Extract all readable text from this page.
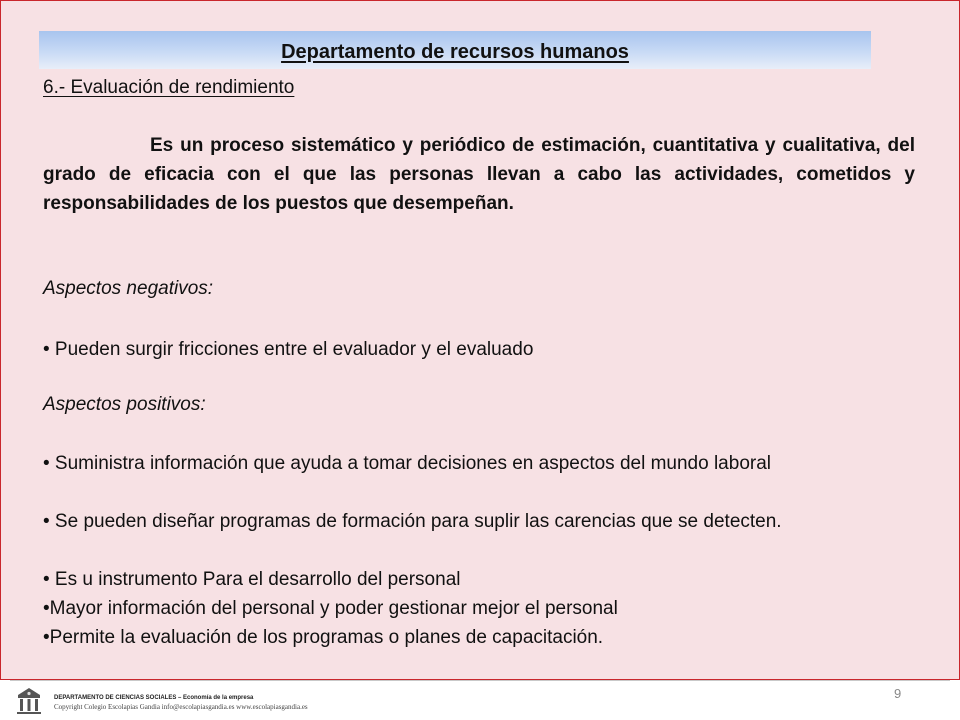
Departamento de recursos humanos
6.- Evaluación de rendimiento
Es un proceso sistemático y periódico de estimación, cuantitativa y cualitativa, del grado de eficacia con el que las personas llevan a cabo las actividades, cometidos y responsabilidades de los puestos que desempeñan.
Aspectos negativos:
• Pueden surgir fricciones entre el evaluador y el evaluado
Aspectos positivos:
• Suministra información que ayuda a tomar decisiones en aspectos del mundo laboral
• Se pueden diseñar programas de formación para suplir las carencias que se detecten.
• Es u instrumento Para el desarrollo del personal
•Mayor información del personal y poder gestionar mejor el personal
•Permite la evaluación de los programas o planes de capacitación.
DEPARTAMENTO DE CIENCIAS SOCIALES – Economía de la empresa
Copyright Colegio Escolapias Gandia info@escolapiasgandia.es www.escolapiasgandia.es
9
